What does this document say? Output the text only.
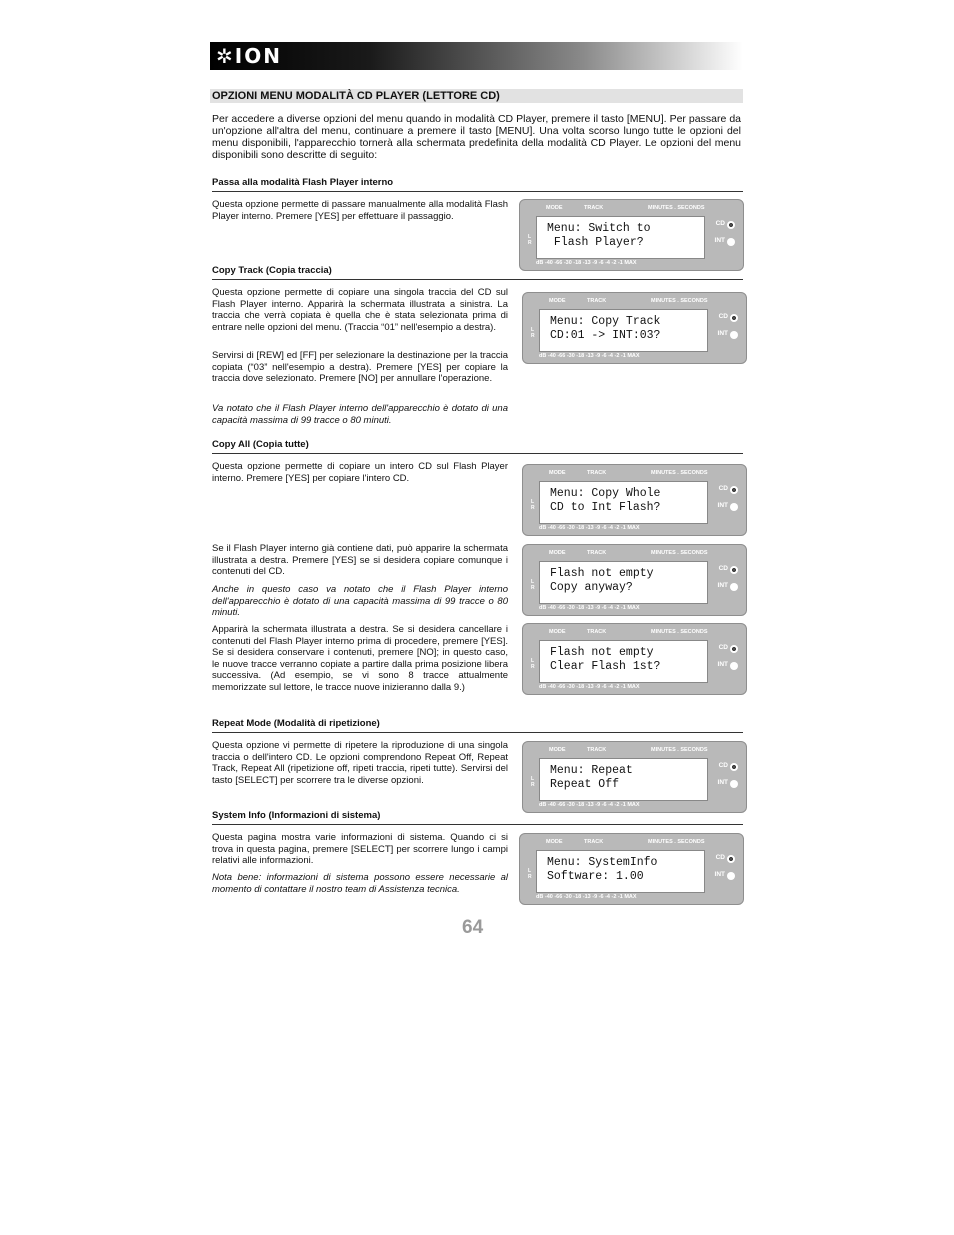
✲ION
OPZIONI MENU MODALITÀ CD PLAYER (LETTORE CD)

Per accedere a diverse opzioni del menu quando in modalità CD Player, premere il tasto [MENU]. Per passare da un'opzione all'altra del menu, continuare a premere il tasto [MENU]. Una volta scorso lungo tutte le opzioni del menu disponibili, l'apparecchio tornerà alla schermata predefinita della modalità CD Player. Le opzioni del menu disponibili sono descritte di seguito:

Passa alla modalità Flash Player interno

Questa opzione permette di passare manualmente alla modalità Flash Player interno. Premere [YES] per effettuare il passaggio.

Copy Track (Copia traccia)

Questa opzione permette di copiare una singola traccia del CD sul Flash Player interno. Apparirà la schermata illustrata a sinistra. La traccia che verrà copiata è quella che è stata selezionata prima di entrare nelle opzioni del menu. (Traccia “01” nell'esempio a destra).

Servirsi di [REW] ed [FF] per selezionare la destinazione per la traccia copiata (“03” nell'esempio a destra). Premere [YES] per copiare la traccia dove selezionato. Premere [NO] per annullare l'operazione.

Va notato che il Flash Player interno dell'apparecchio è dotato di una capacità massima di 99 tracce o 80 minuti.

Copy All (Copia tutte)

Questa opzione permette di copiare un intero CD sul Flash Player interno. Premere [YES] per copiare l'intero CD.

Se il Flash Player interno già contiene dati, può apparire la schermata illustrata a destra. Premere [YES] se si desidera copiare comunque i contenuti del CD.

Anche in questo caso va notato che il Flash Player interno dell'apparecchio è dotato di una capacità massima di 99 tracce o 80 minuti.

Apparirà la schermata illustrata a destra. Se si desidera cancellare i contenuti del Flash Player interno prima di procedere, premere [YES]. Se si desidera conservare i contenuti, premere [NO]; in questo caso, le nuove tracce verranno copiate a partire dalla prima posizione libera successiva. (Ad esempio, se vi sono 8 tracce attualmente memorizzate sul lettore, le tracce nuove inizieranno dalla 9.)

Repeat Mode (Modalità di ripetizione)

Questa opzione vi permette di ripetere la riproduzione di una singola traccia o dell'intero CD. Le opzioni comprendono Repeat Off, Repeat Track, Repeat All (ripetizione off, ripeti traccia, ripeti tutte). Servirsi del tasto [SELECT] per scorrere tra le diverse opzioni.

System Info (Informazioni di sistema)

Questa pagina mostra varie informazioni di sistema. Quando ci si trova in questa pagina, premere [SELECT] per scorrere lungo i campi relativi alle informazioni.

Nota bene: informazioni di sistema possono essere necessarie al momento di contattare il nostro team di Assistenza tecnica.

MODE	TRACK	MINUTES . SECONDS
L R
Menu: Switch to
Flash Player?
CD
INT
dB -40 -66 -30 -18 -13 -9 -6 -4 -2 -1 MAX
MODE	TRACK	MINUTES . SECONDS
L R
Menu: Copy Track
CD:01 -> INT:03?
CD
INT
dB -40 -66 -30 -18 -13 -9 -6 -4 -2 -1 MAX
MODE	TRACK	MINUTES . SECONDS
L R
Menu: Copy Whole
CD to Int Flash?
CD
INT
dB -40 -66 -30 -18 -13 -9 -6 -4 -2 -1 MAX
MODE	TRACK	MINUTES . SECONDS
L R
Flash not empty
Copy anyway?
CD
INT
dB -40 -66 -30 -18 -13 -9 -6 -4 -2 -1 MAX
MODE	TRACK	MINUTES . SECONDS
L R
Flash not empty
Clear Flash 1st?
CD
INT
dB -40 -66 -30 -18 -13 -9 -6 -4 -2 -1 MAX
MODE	TRACK	MINUTES . SECONDS
L R
Menu: Repeat
Repeat Off
CD
INT
dB -40 -66 -30 -18 -13 -9 -6 -4 -2 -1 MAX
MODE	TRACK	MINUTES . SECONDS
L R
Menu: SystemInfo
Software: 1.00
CD
INT
dB -40 -66 -30 -18 -13 -9 -6 -4 -2 -1 MAX
64
